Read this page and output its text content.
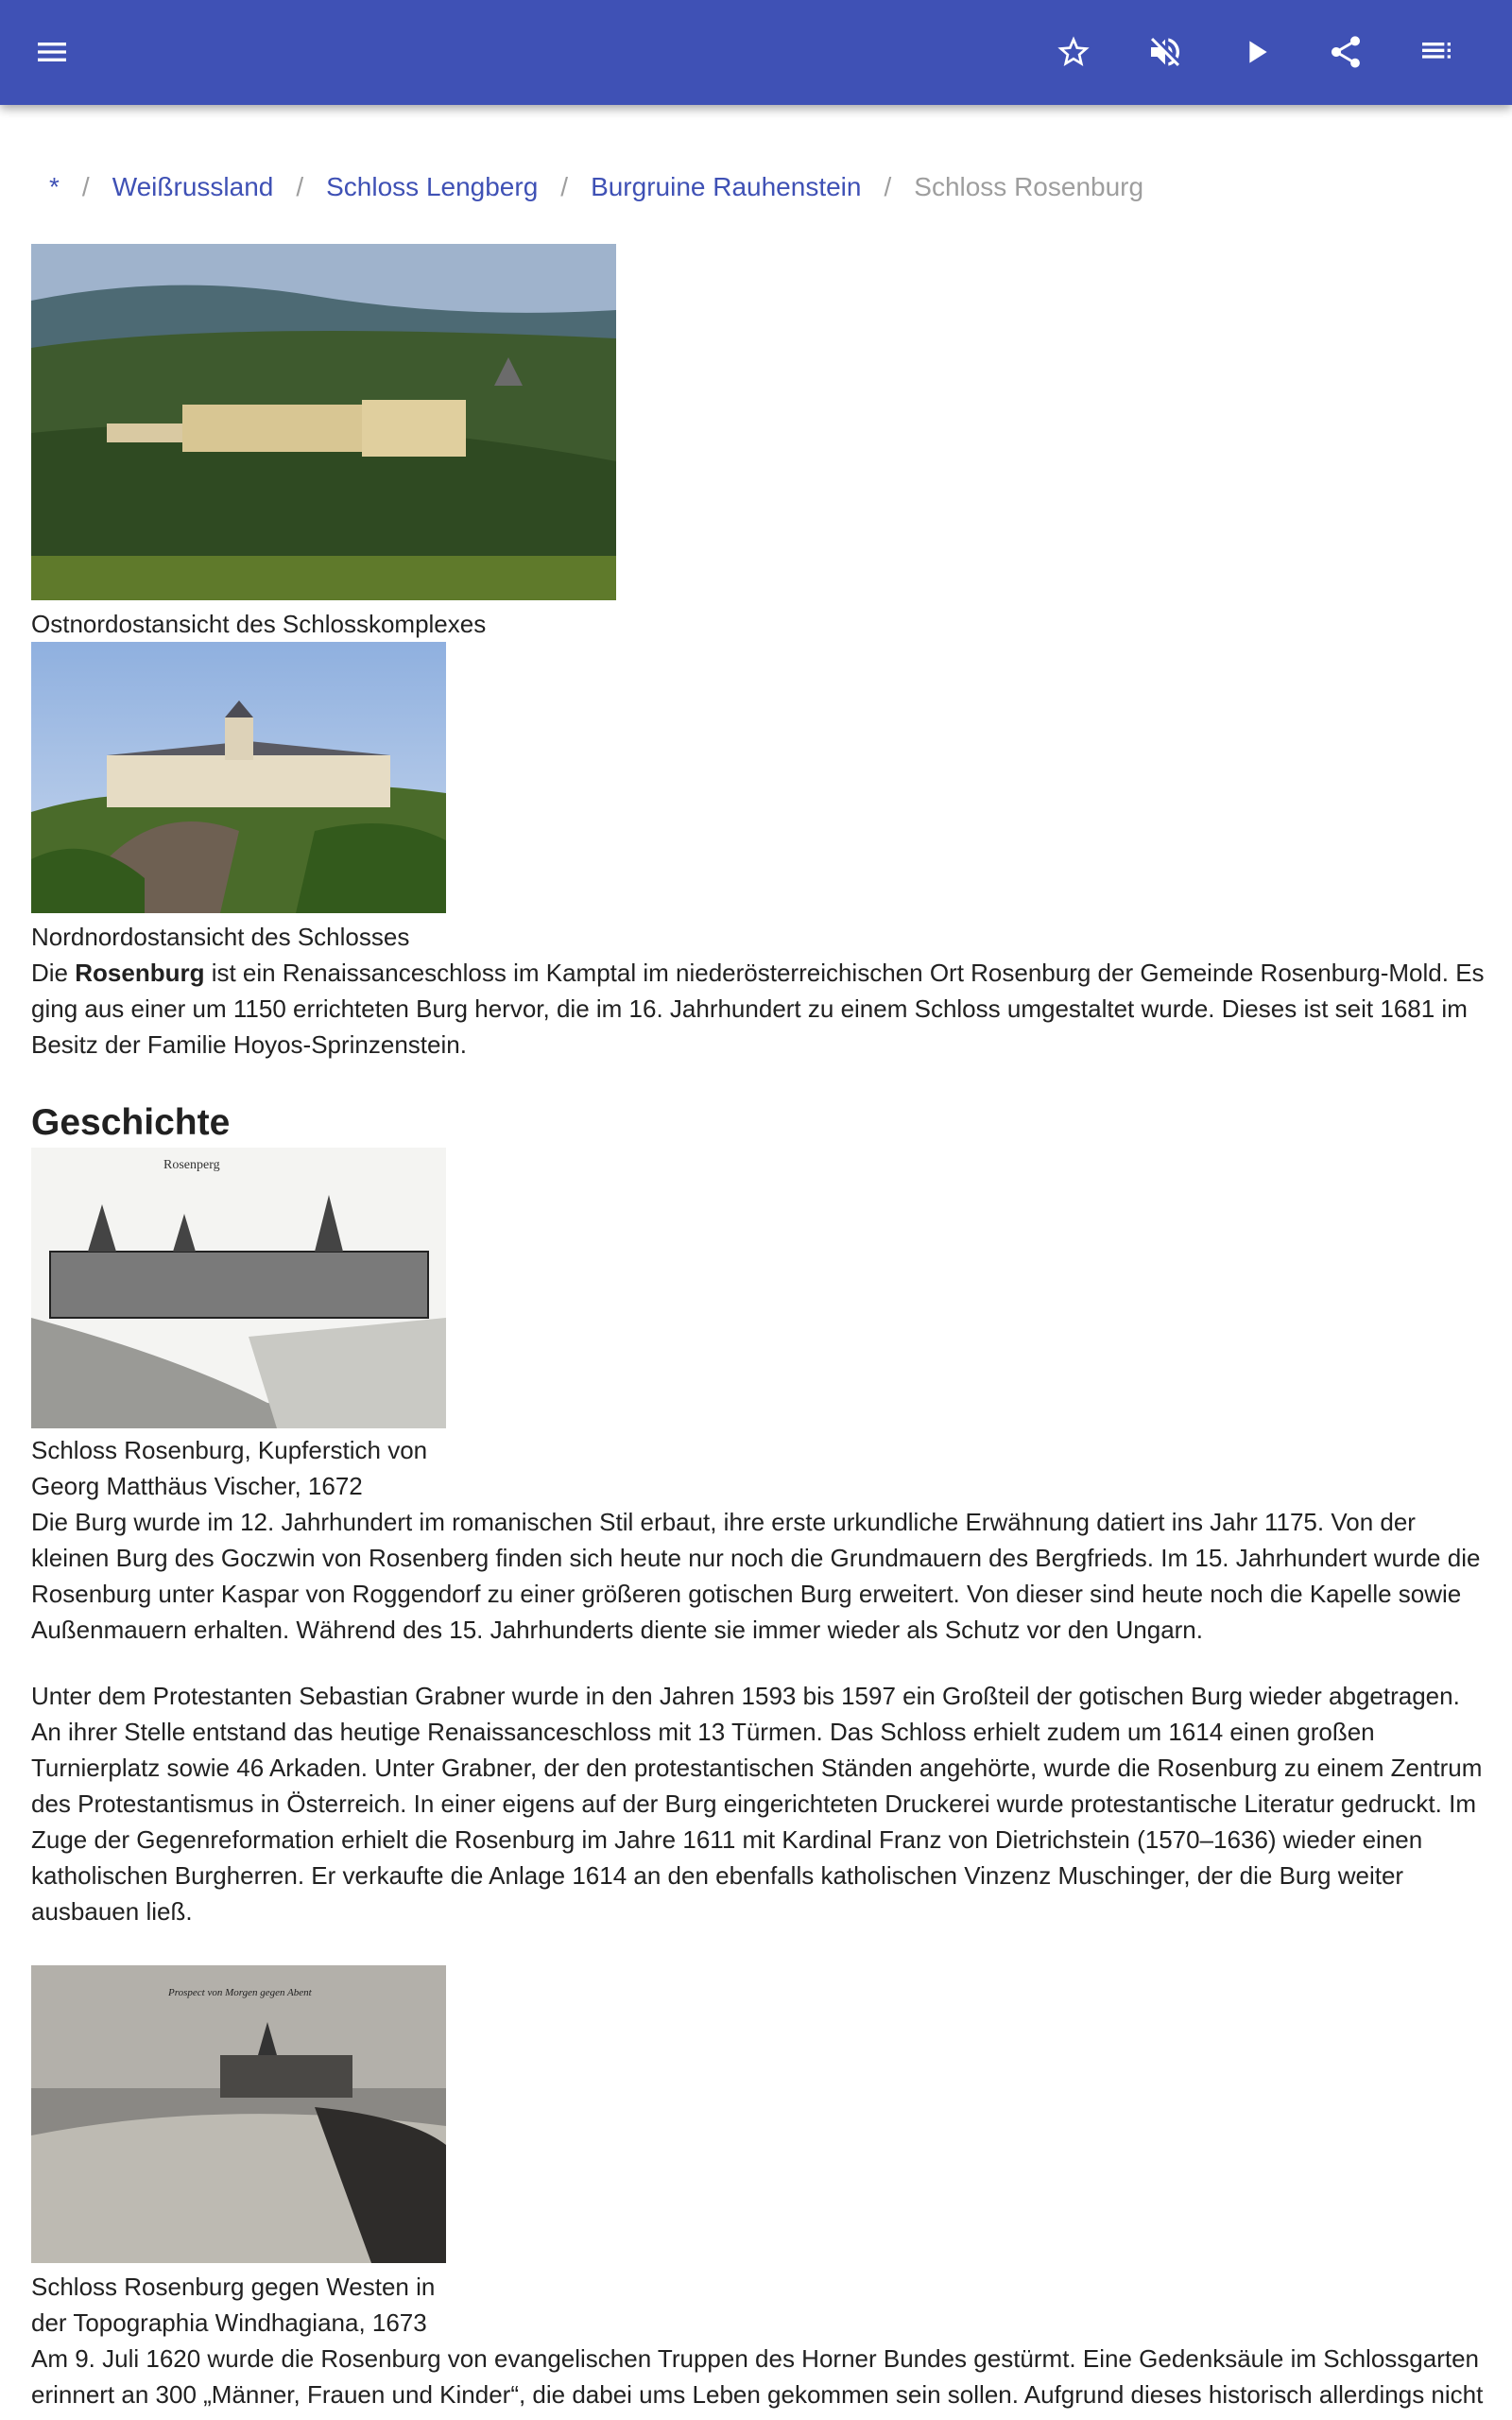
* / Weißrussland / Schloss Lengberg / Burgruine Rauhenstein / Schloss Rosenburg
Ostnordostansicht des Schlosskomplexes
Nordnordostansicht des Schlosses

Die Rosenburg ist ein Renaissanceschloss im Kamptal im niederösterreichischen Ort Rosenburg der Gemeinde Rosenburg-Mold. Es ging aus einer um 1150 errichteten Burg hervor, die im 16. Jahrhundert zu einem Schloss umgestaltet wurde. Dieses ist seit 1681 im Besitz der Familie Hoyos-Sprinzenstein.

Geschichte
Rosenperg
Schloss Rosenburg, Kupferstich von Georg Matthäus Vischer, 1672

Die Burg wurde im 12. Jahrhundert im romanischen Stil erbaut, ihre erste urkundliche Erwähnung datiert ins Jahr 1175. Von der kleinen Burg des Goczwin von Rosenberg finden sich heute nur noch die Grundmauern des Bergfrieds. Im 15. Jahrhundert wurde die Rosenburg unter Kaspar von Roggendorf zu einer größeren gotischen Burg erweitert. Von dieser sind heute noch die Kapelle sowie Außenmauern erhalten. Während des 15. Jahrhunderts diente sie immer wieder als Schutz vor den Ungarn.

Unter dem Protestanten Sebastian Grabner wurde in den Jahren 1593 bis 1597 ein Großteil der gotischen Burg wieder abgetragen. An ihrer Stelle entstand das heutige Renaissanceschloss mit 13 Türmen. Das Schloss erhielt zudem um 1614 einen großen Turnierplatz sowie 46 Arkaden. Unter Grabner, der den protestantischen Ständen angehörte, wurde die Rosenburg zu einem Zentrum des Protestantismus in Österreich. In einer eigens auf der Burg eingerichteten Druckerei wurde protestantische Literatur gedruckt. Im Zuge der Gegenreformation erhielt die Rosenburg im Jahre 1611 mit Kardinal Franz von Dietrichstein (1570–1636) wieder einen katholischen Burgherren. Er verkaufte die Anlage 1614 an den ebenfalls katholischen Vinzenz Muschinger, der die Burg weiter ausbauen ließ.

Prospect von Morgen gegen Abent
Schloss Rosenburg gegen Westen in der Topographia Windhagiana, 1673

Am 9. Juli 1620 wurde die Rosenburg von evangelischen Truppen des Horner Bundes gestürmt. Eine Gedenksäule im Schlossgarten erinnert an 300 „Männer, Frauen und Kinder“, die dabei ums Leben gekommen sein sollen. Aufgrund dieses historisch allerdings nicht
